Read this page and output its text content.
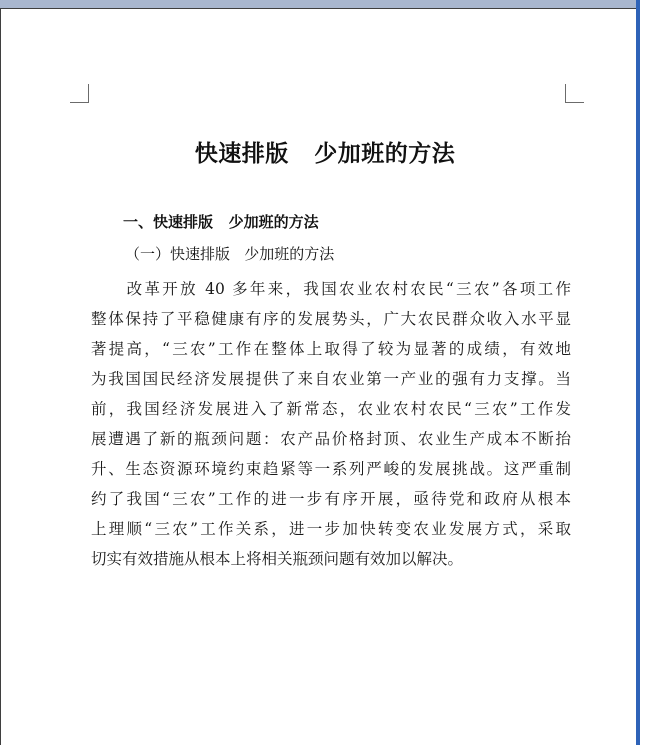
快速排版   少加班的方法
一、快速排版   少加班的方法
（一）快速排版   少加班的方法
　　改革开放 40 多年来，我国农业农村农民“三农”各项工作
整体保持了平稳健康有序的发展势头，广大农民群众收入水平显
著提高，“三农”工作在整体上取得了较为显著的成绩，有效地
为我国国民经济发展提供了来自农业第一产业的强有力支撑。当
前，我国经济发展进入了新常态，农业农村农民“三农”工作发
展遭遇了新的瓶颈问题：农产品价格封顶、农业生产成本不断抬
升、生态资源环境约束趋紧等一系列严峻的发展挑战。这严重制
约了我国“三农”工作的进一步有序开展，亟待党和政府从根本
上理顺“三农”工作关系，进一步加快转变农业发展方式，采取
切实有效措施从根本上将相关瓶颈问题有效加以解决。
